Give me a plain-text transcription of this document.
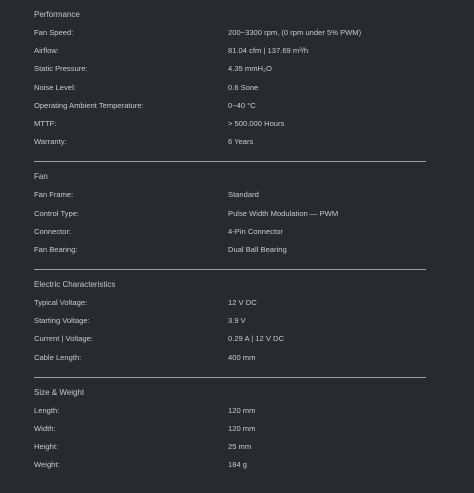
Performance
Fan Speed:	200~3300 rpm, (0 rpm under 5% PWM)
Airflow:	81.04 cfm | 137.69 m³/h
Static Pressure:	4.35 mmH₂O
Noise Level:	0.6 Sone
Operating Ambient Temperature:	0~40 °C
MTTF:	> 500.000 Hours
Warranty:	6 Years
Fan
Fan Frame:	Standard
Control Type:	Pulse Width Modulation — PWM
Connector:	4-Pin Connector
Fan Bearing:	Dual Ball Bearing
Electric Characteristics
Typical Voltage:	12 V DC
Starting Voltage:	3.9 V
Current | Voltage:	0.29 A | 12 V DC
Cable Length:	400 mm
Size & Weight
Length:	120 mm
Width:	120 mm
Height:	25 mm
Weight:	184 g
